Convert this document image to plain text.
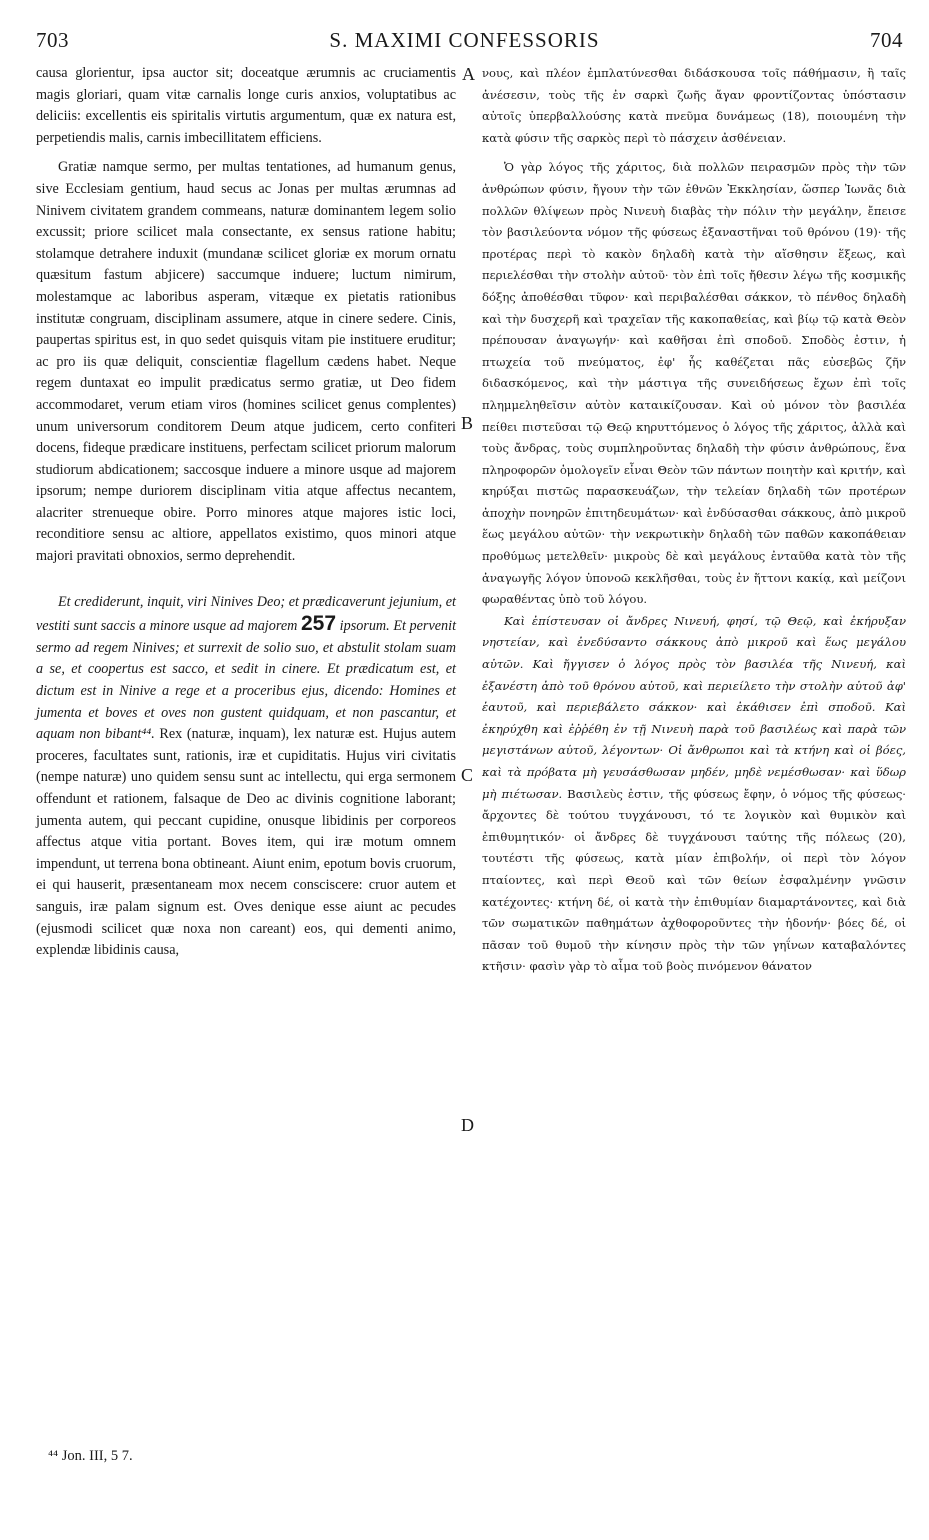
703	S. MAXIMI CONFESSORIS	704
A
B
C
D

causa glorientur, ipsa auctor sit; doceatque ærumnis ac cruciamentis magis gloriari, quam vitæ carnalis longe curis anxios, voluptatibus ac deliciis: excellentis eis spiritalis virtutis argumentum, quæ ex natura est, perpetiendis malis, carnis imbecillitatem efficiens.

Gratiæ namque sermo, per multas tentationes, ad humanum genus, sive Ecclesiam gentium, haud secus ac Jonas per multas ærumnas ad Ninivem civitatem grandem commeans, naturæ dominantem legem solio excussit; priore scilicet mala consectante, ex sensus ratione habitu; stolamque detrahere induxit (mundanæ scilicet gloriæ ex morum ornatu quæsitum fastum abjicere) saccumque induere; luctum nimirum, molestamque ac laboribus asperam, vitæque ex pietatis rationibus institutæ congruam, disciplinam assumere, atque in cinere sedere. Cinis, paupertas spiritus est, in quo sedet quisquis vitam pie instituere eruditur; ac pro iis quæ deliquit, conscientiæ flagellum cædens habet. Neque regem duntaxat eo impulit prædicatus sermo gratiæ, ut Deo fidem accommodaret, verum etiam viros (homines scilicet genus complentes) unum universorum conditorem Deum atque judicem, certo confiteri docens, fideque prædicare instituens, perfectam scilicet priorum malorum studiorum abdicationem; saccosque induere a minore usque ad majorem ipsorum; nempe duriorem disciplinam vitia atque affectus necantem, alacriter strenueque obire. Porro minores atque majores istic loci, reconditiore sensu ac altiore, appellatos existimo, quos minori atque majori pravitati obnoxios, sermo deprehendit.

Et crediderunt, inquit, viri Ninives Deo; et prædicaverunt jejunium, et vestiti sunt saccis a minore usque ad majorem 257 ipsorum. Et pervenit sermo ad regem Ninives; et surrexit de solio suo, et abstulit stolam suam a se, et coopertus est sacco, et sedit in cinere. Et prædicatum est, et dictum est in Ninive a rege et a proceribus ejus, dicendo: Homines et jumenta et boves et oves non gustent quidquam, et non pascantur, et aquam non bibant⁴⁴. Rex (naturæ, inquam), lex naturæ est. Hujus autem proceres, facultates sunt, rationis, iræ et cupiditatis. Hujus viri civitatis (nempe naturæ) uno quidem sensu sunt ac intellectu, qui erga sermonem offendunt et rationem, falsaque de Deo ac divinis cognitione laborant; jumenta autem, qui peccant cupidine, onusque libidinis per corporeos affectus atque vitia portant. Boves item, qui iræ motum omnem impendunt, ut terrena bona obtineant. Aiunt enim, epotum bovis cruorum, ei qui hauserit, præsentaneam mox necem consciscere: cruor autem et sanguis, iræ palam signum est. Oves denique esse aiunt ac pecudes (ejusmodi scilicet quæ noxa non careant) eos, qui dementi animo, explendæ libidinis causa,

νους, καὶ πλέον ἐμπλατύνεσθαι διδάσκουσα τοῖς πάθήμασιν, ἢ ταῖς ἀνέσεσιν, τοὺς τῆς ἐν σαρκὶ ζωῆς ἄγαν φροντίζοντας ὑπόστασιν αὐτοῖς ὑπερβαλλούσης κατὰ πνεῦμα δυνάμεως (18), ποιουμένη τὴν κατὰ φύσιν τῆς σαρκὸς περὶ τὸ πάσχειν ἀσθένειαν.

Ὁ γὰρ λόγος τῆς χάριτος, διὰ πολλῶν πειρασμῶν πρὸς τὴν τῶν ἀνθρώπων φύσιν, ἤγουν τὴν τῶν ἐθνῶν Ἐκκλησίαν, ὥσπερ Ἰωνᾶς διὰ πολλῶν θλίψεων πρὸς Νινευὴ διαβὰς τὴν πόλιν τὴν μεγάλην, ἔπεισε τὸν βασιλεύοντα νόμον τῆς φύσεως ἐξαναστῆναι τοῦ θρόνου (19)· τῆς προτέρας περὶ τὸ κακὸν δηλαδὴ κατὰ τὴν αἴσθησιν ἕξεως, καὶ περιελέσθαι τὴν στολὴν αὐτοῦ· τὸν ἐπὶ τοῖς ἤθεσιν λέγω τῆς κοσμικῆς δόξης ἀποθέσθαι τῦφον· καὶ περιβαλέσθαι σάκκον, τὸ πένθος δηλαδὴ καὶ τὴν δυσχερῆ καὶ τραχεῖαν τῆς κακοπαθείας, καὶ βίῳ τῷ κατὰ Θεὸν πρέπουσαν ἀναγωγήν· καὶ καθῆσαι ἐπὶ σποδοῦ. Σποδὸς ἐστιν, ἡ πτωχεία τοῦ πνεύματος, ἐφ' ἧς καθέζεται πᾶς εὐσεβῶς ζῆν διδασκόμενος, καὶ τὴν μάστιγα τῆς συνειδήσεως ἔχων ἐπὶ τοῖς πλημμεληθεῖσιν αὐτὸν καταικίζουσαν. Καὶ οὐ μόνον τὸν βασιλέα πείθει πιστεῦσαι τῷ Θεῷ κηρυττόμενος ὁ λόγος τῆς χάριτος, ἀλλὰ καὶ τοὺς ἄνδρας, τοὺς συμπληροῦντας δηλαδὴ τὴν φύσιν ἀνθρώπους, ἕνα πληροφορῶν ὁμολογεῖν εἶναι Θεὸν τῶν πάντων ποιητὴν καὶ κριτήν, καὶ κηρύξαι πιστῶς παρασκευάζων, τὴν τελείαν δηλαδὴ τῶν προτέρων ἀποχὴν πονηρῶν ἐπιτηδευμάτων· καὶ ἐνδύσασθαι σάκκους, ἀπὸ μικροῦ ἕως μεγάλου αὐτῶν· τὴν νεκρωτικὴν δηλαδὴ τῶν παθῶν κακοπάθειαν προθύμως μετελθεῖν· μικροὺς δὲ καὶ μεγάλους ἐνταῦθα κατὰ τὸν τῆς ἀναγωγῆς λόγον ὑπονοῶ κεκλῆσθαι, τοὺς ἐν ἥττονι κακίᾳ, καὶ μείζονι φωραθέντας ὑπὸ τοῦ λόγου.

Καὶ ἐπίστευσαν οἱ ἄνδρες Νινευή, φησί, τῷ Θεῷ, καὶ ἐκήρυξαν νηστείαν, καὶ ἐνεδύσαντο σάκκους ἀπὸ μικροῦ καὶ ἕως μεγάλου αὐτῶν. Καὶ ἤγγισεν ὁ λόγος πρὸς τὸν βασιλέα τῆς Νινευή, καὶ ἐξανέστη ἀπὸ τοῦ θρόνου αὐτοῦ, καὶ περιείλετο τὴν στολὴν αὐτοῦ ἀφ' ἑαυτοῦ, καὶ περιεβάλετο σάκκον· καὶ ἐκάθισεν ἐπὶ σποδοῦ. Καὶ ἐκηρύχθη καὶ ἐῤῥέθη ἐν τῇ Νινευὴ παρὰ τοῦ βασιλέως καὶ παρὰ τῶν μεγιστάνων αὐτοῦ, λέγοντων· Οἱ ἄνθρωποι καὶ τὰ κτήνη καὶ οἱ βόες, καὶ τὰ πρόβατα μὴ γευσάσθωσαν μηδέν, μηδὲ νεμέσθωσαν· καὶ ὕδωρ μὴ πιέτωσαν. Βασιλεὺς ἐστιν, τῆς φύσεως ἔφην, ὁ νόμος τῆς φύσεως· ἄρχοντες δὲ τούτου τυγχάνουσι, τό τε λογικὸν καὶ θυμικὸν καὶ ἐπιθυμητικόν· οἱ ἄνδρες δὲ τυγχάνουσι ταύτης τῆς πόλεως (20), τουτέστι τῆς φύσεως, κατὰ μίαν ἐπιβολήν, οἱ περὶ τὸν λόγον πταίοντες, καὶ περὶ Θεοῦ καὶ τῶν θείων ἐσφαλμένην γνῶσιν κατέχοντες· κτήνη δέ, οἱ κατὰ τὴν ἐπιθυμίαν διαμαρτάνοντες, καὶ διὰ τῶν σωματικῶν παθημάτων ἀχθοφοροῦντες τὴν ἡδονήν· βόες δέ, οἱ πᾶσαν τοῦ θυμοῦ τὴν κίνησιν πρὸς τὴν τῶν γηΐνων καταβαλόντες κτῆσιν· φασὶν γὰρ τὸ αἷμα τοῦ βοὸς πινόμενον θάνατον

⁴⁴ Jon. III, 5 7.
